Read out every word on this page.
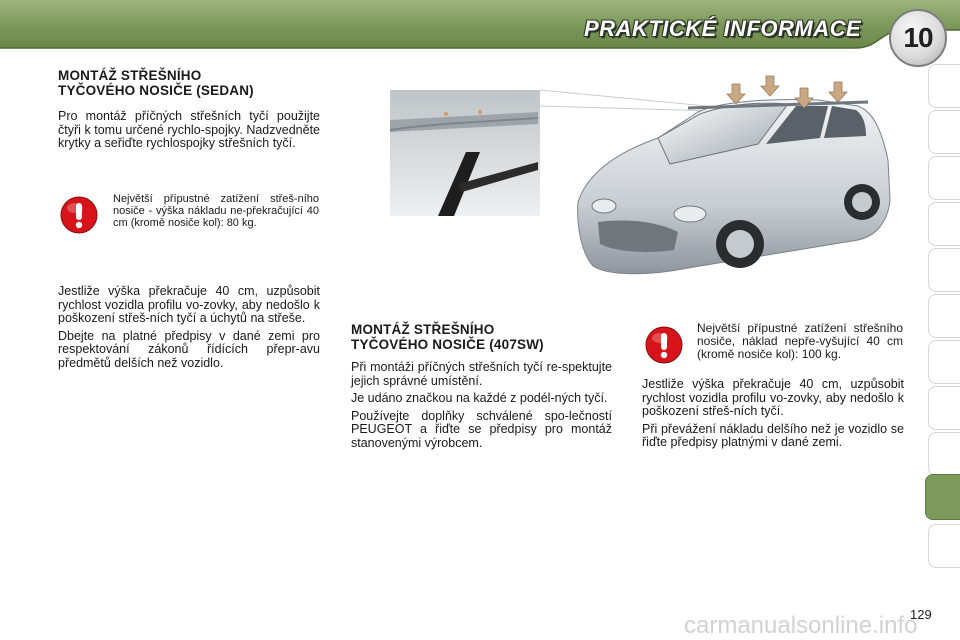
PRAKTICKÉ INFORMACE 10
MONTÁŽ STŘEŠNÍHO
TYČOVÉHO NOSIČE (SEDAN)

Pro montáž příčných střešních tyčí použijte čtyři k tomu určené rychlo-spojky. Nadzvedněte krytky a seřiďte rychlospojky střešních tyčí.

Největší přípustné zatížení střeš-ního nosiče - výška nákladu ne-překračující 40 cm (kromě nosiče kol): 80 kg.

Jestliže výška překračuje 40 cm, uzpůsobit rychlost vozidla profilu vo-zovky, aby nedošlo k poškození střeš-ních tyčí a úchytů na střeše.

Dbejte na platné předpisy v dané zemi pro respektování zákonů řídících přepr-avu předmětů delších než vozidlo.

MONTÁŽ STŘEŠNÍHO
TYČOVÉHO NOSIČE (407SW)

Při montáži příčných střešních tyčí re-spektujte jejich správné umístění.

Je udáno značkou na každé z podél-ných tyčí.

Používejte doplňky schválené spo-lečností PEUGEOT a řiďte se předpisy pro montáž stanovenými výrobcem.

Největší přípustné zatížení střešního nosiče, náklad nepře-vyšující 40 cm (kromě nosiče kol): 100 kg.

Jestliže výška překračuje 40 cm, uzpůsobit rychlost vozidla profilu vo-zovky, aby nedošlo k poškození střeš-ních tyčí.

Při převážení nákladu delšího než je vozidlo se řiďte předpisy platnými v dané zemi.

129
carmanualsonline.info
